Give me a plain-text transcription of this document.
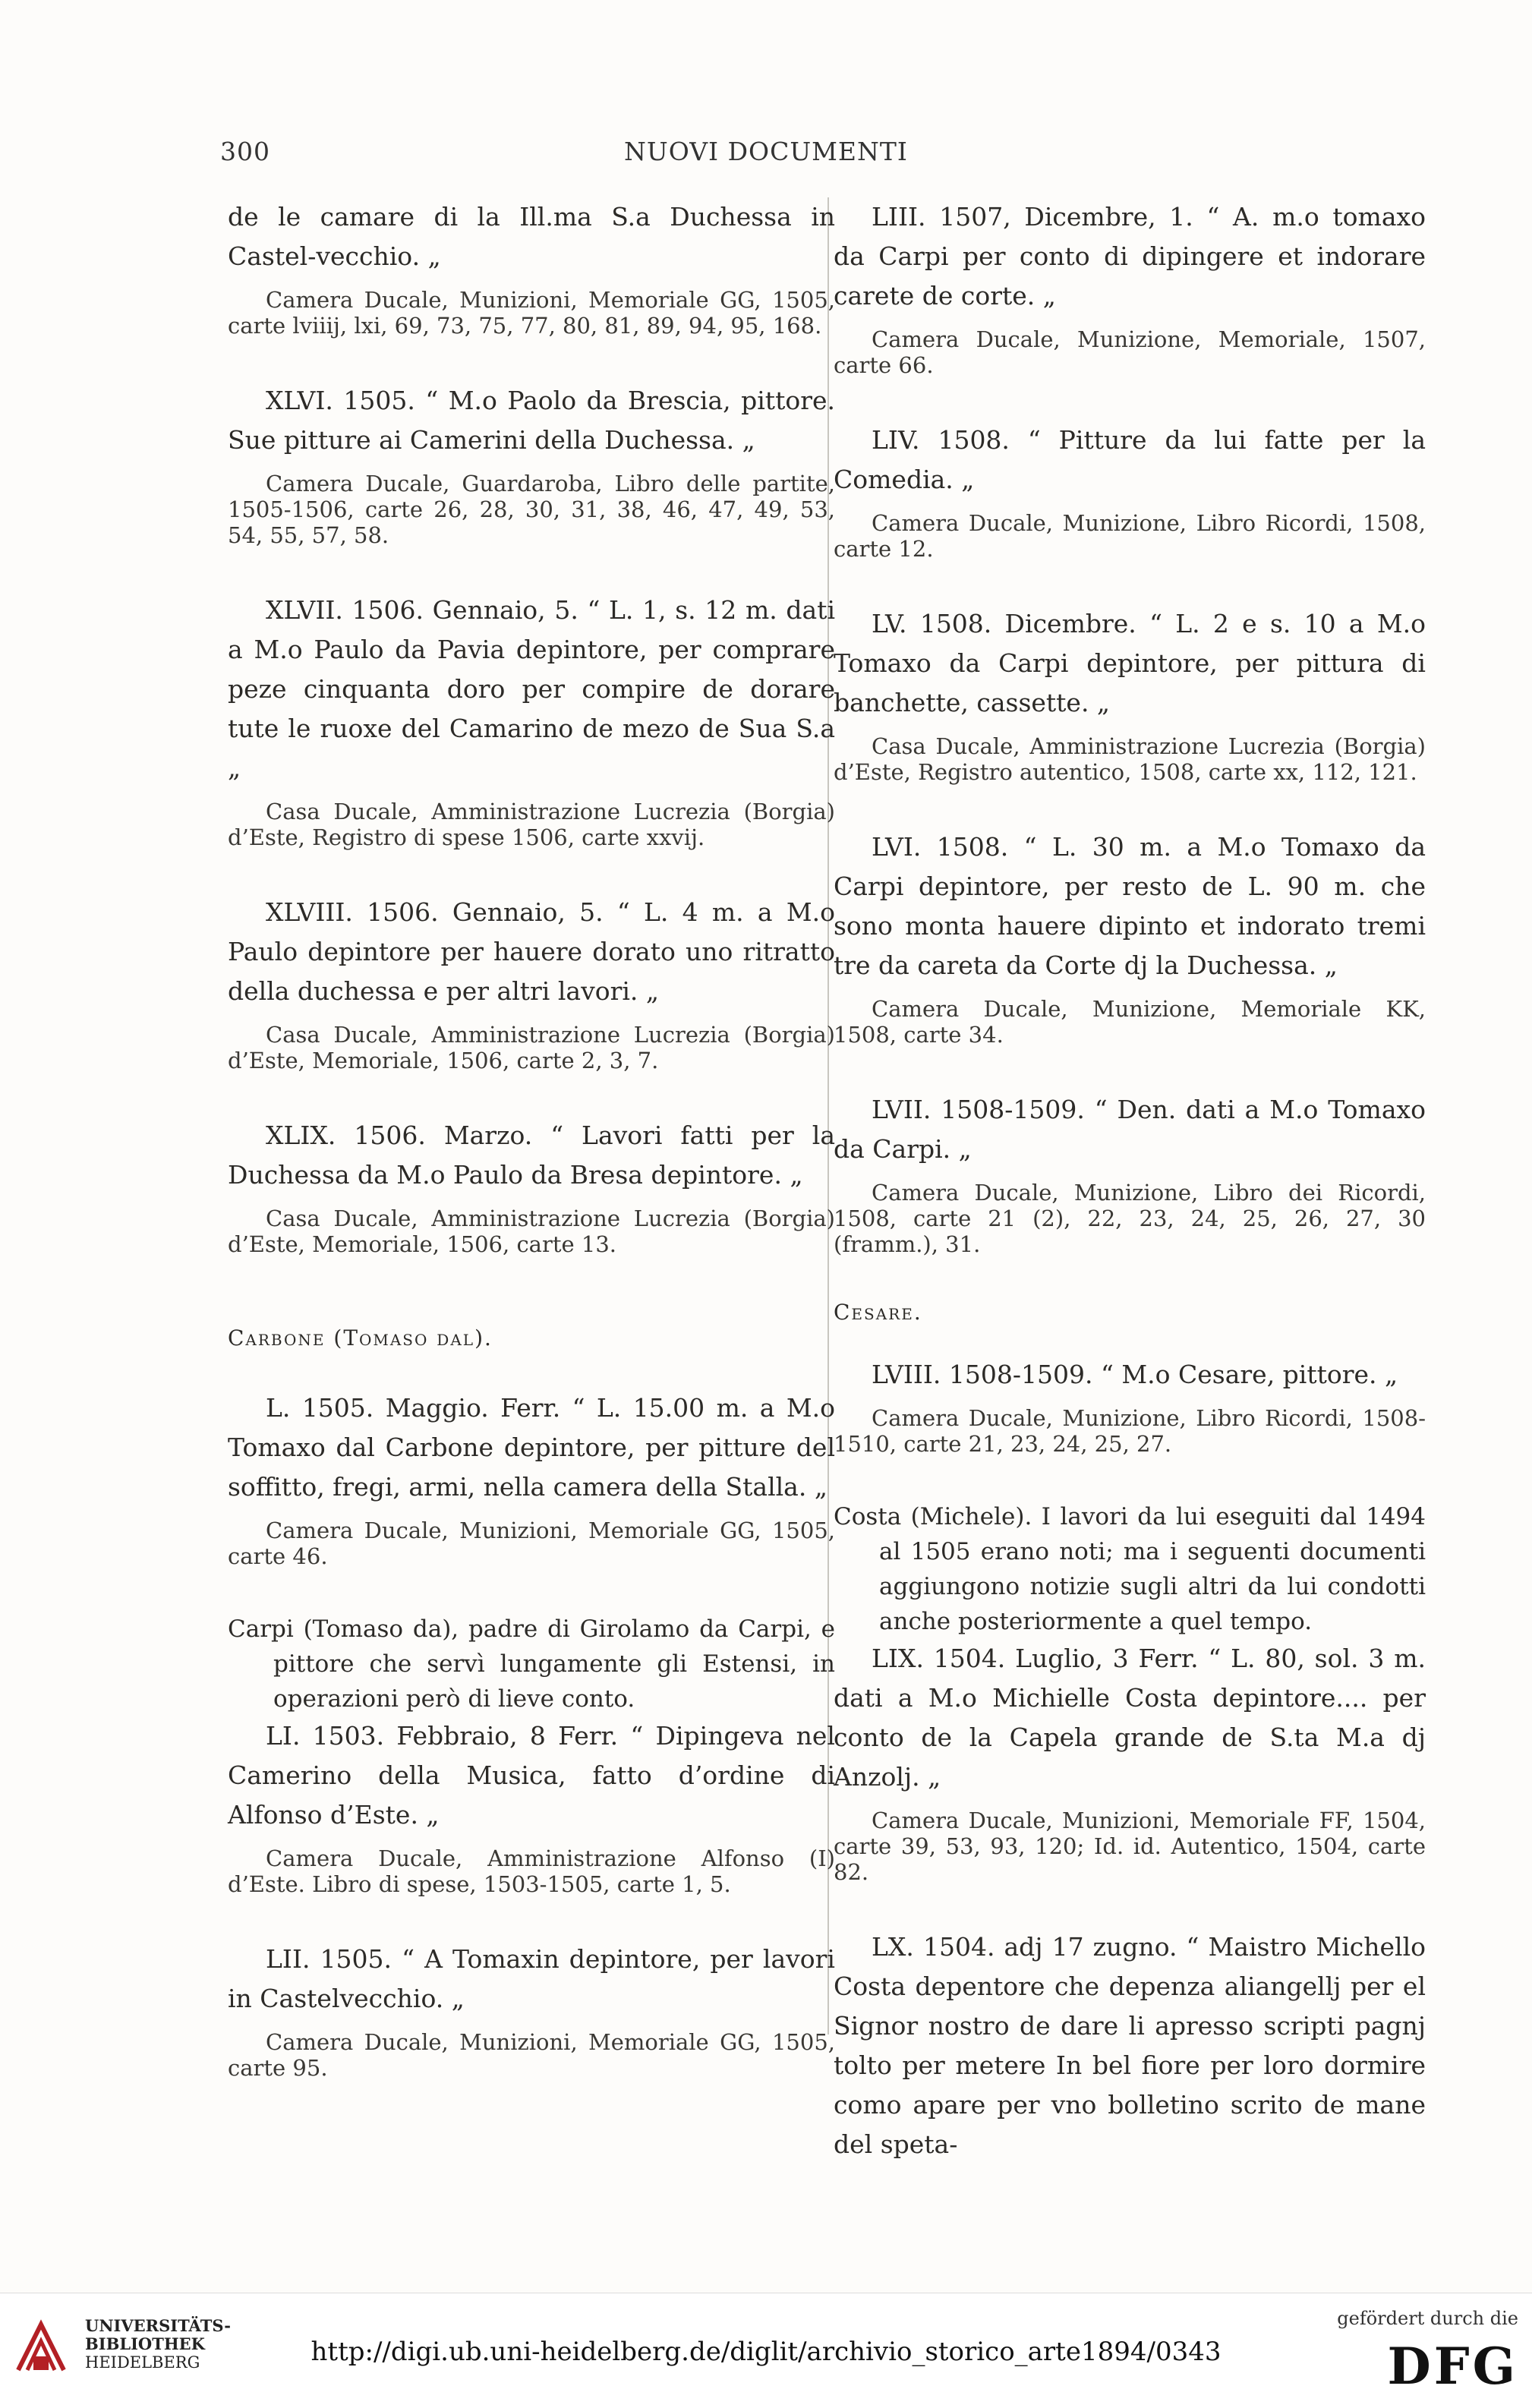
300	NUOVI DOCUMENTI

de le camare di la Ill.ma S.a Duchessa in Castel-vecchio. „

Camera Ducale, Munizioni, Memoriale GG, 1505, carte lviiij, lxi, 69, 73, 75, 77, 80, 81, 89, 94, 95, 168.

XLVI. 1505. “ M.o Paolo da Brescia, pittore. Sue pitture ai Camerini della Duchessa. „

Camera Ducale, Guardaroba, Libro delle partite, 1505-1506, carte 26, 28, 30, 31, 38, 46, 47, 49, 53, 54, 55, 57, 58.

XLVII. 1506. Gennaio, 5. “ L. 1, s. 12 m. dati a M.o Paulo da Pavia depintore, per comprare peze cinquanta doro per compire de dorare tute le ruoxe del Camarino de mezo de Sua S.a „

Casa Ducale, Amministrazione Lucrezia (Borgia) d’Este, Registro di spese 1506, carte xxvij.

XLVIII. 1506. Gennaio, 5. “ L. 4 m. a M.o Paulo depintore per hauere dorato uno ritratto della duchessa e per altri lavori. „

Casa Ducale, Amministrazione Lucrezia (Borgia) d’Este, Memoriale, 1506, carte 2, 3, 7.

XLIX. 1506. Marzo. “ Lavori fatti per la Duchessa da M.o Paulo da Bresa depintore. „

Casa Ducale, Amministrazione Lucrezia (Borgia) d’Este, Memoriale, 1506, carte 13.

Carbone (Tomaso dal).

L. 1505. Maggio. Ferr. “ L. 15.00 m. a M.o Tomaxo dal Carbone depintore, per pitture del soffitto, fregi, armi, nella camera della Stalla. „

Camera Ducale, Munizioni, Memoriale GG, 1505, carte 46.

Carpi (Tomaso da), padre di Girolamo da Carpi, e pittore che servì lungamente gli Estensi, in operazioni però di lieve conto.

LI. 1503. Febbraio, 8 Ferr. “ Dipingeva nel Camerino della Musica, fatto d’ordine di Alfonso d’Este. „

Camera Ducale, Amministrazione Alfonso (I) d’Este. Libro di spese, 1503-1505, carte 1, 5.

LII. 1505. “ A Tomaxin depintore, per lavori in Castelvecchio. „

Camera Ducale, Munizioni, Memoriale GG, 1505, carte 95.

LIII. 1507, Dicembre, 1. “ A. m.o tomaxo da Carpi per conto di dipingere et indorare carete de corte. „

Camera Ducale, Munizione, Memoriale, 1507, carte 66.

LIV. 1508. “ Pitture da lui fatte per la Comedia. „

Camera Ducale, Munizione, Libro Ricordi, 1508, carte 12.

LV. 1508. Dicembre. “ L. 2 e s. 10 a M.o Tomaxo da Carpi depintore, per pittura di banchette, cassette. „

Casa Ducale, Amministrazione Lucrezia (Borgia) d’Este, Registro autentico, 1508, carte xx, 112, 121.

LVI. 1508. “ L. 30 m. a M.o Tomaxo da Carpi depintore, per resto de L. 90 m. che sono monta hauere dipinto et indorato tremi tre da careta da Corte dj la Duchessa. „

Camera Ducale, Munizione, Memoriale KK, 1508, carte 34.

LVII. 1508-1509. “ Den. dati a M.o Tomaxo da Carpi. „

Camera Ducale, Munizione, Libro dei Ricordi, 1508, carte 21 (2), 22, 23, 24, 25, 26, 27, 30 (framm.), 31.

Cesare.

LVIII. 1508-1509. “ M.o Cesare, pittore. „

Camera Ducale, Munizione, Libro Ricordi, 1508-1510, carte 21, 23, 24, 25, 27.

Costa (Michele). I lavori da lui eseguiti dal 1494 al 1505 erano noti; ma i seguenti documenti aggiungono notizie sugli altri da lui condotti anche posteriormente a quel tempo.

LIX. 1504. Luglio, 3 Ferr. “ L. 80, sol. 3 m. dati a M.o Michielle Costa depintore.... per conto de la Capela grande de S.ta M.a dj Anzolj. „

Camera Ducale, Munizioni, Memoriale FF, 1504, carte 39, 53, 93, 120; Id. id. Autentico, 1504, carte 82.

LX. 1504. adj 17 zugno. “ Maistro Michello Costa depentore che depenza aliangellj per el Signor nostro de dare li apresso scripti pagnj tolto per metere In bel fiore per loro dormire como apare per vno bolletino scrito de mane del speta-

UNIVERSITÄTS-
BIBLIOTHEK
HEIDELBERG	http://digi.ub.uni-heidelberg.de/diglit/archivio_storico_arte1894/0343
gefördert durch die
DFG
